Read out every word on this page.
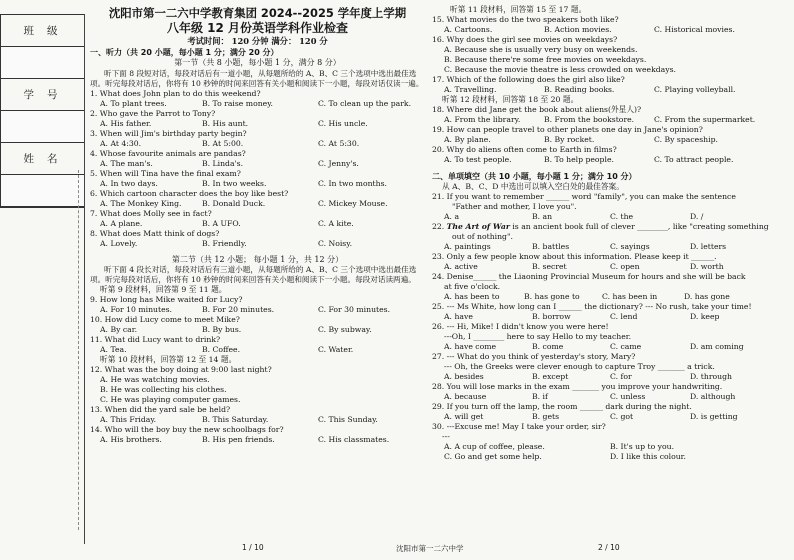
班 级
学 号
姓 名
沈阳市第一二六中学教育集团 2024--2025 学年度上学期
八年级 12 月份英语学科作业检查
考试时间： 120 分钟 满分： 120 分
一、听力（共 20 小题，每小题 1 分；满分 20 分）
第一节（共 8 小题，每小题 1 分，满分 8 分）
听下面 8 段短对话，每段对话后有一道小题，从每题所给的 A、B、C 三个选项中选出最佳选项。听完每段对话后，你将有 10 秒钟的时间来回答有关小题和阅读下一小题，每段对话仅读一遍。
1. What does John plan to do this weekend?
A. To plant trees.	B. To raise money.	C. To clean up the park.
2. Who gave the Parrot to Tony?
A. His father.	B. His aunt.	C. His uncle.
3. When will Jim's birthday party begin?
A. At 4:30.	B. At 5:00.	C. At 5:30.
4. Whose favourite animals are pandas?
A. The man's.	B. Linda's.	C. Jenny's.
5. When will Tina have the final exam?
A. In two days.	B. In two weeks.	C. In two months.
6. Which cartoon character does the boy like best?
A. The Monkey King.	B. Donald Duck.	C. Mickey Mouse.
7. What does Molly see in fact?
A. A plane.	B. A UFO.	C. A kite.
8. What does Matt think of dogs?
A. Lovely.	B. Friendly.	C. Noisy.
第二节（共 12 小题； 每小题 1 分，共 12 分）
听下面 4 段长对话，每段对话后有三道小题，从每题所给的 A、B、C 三个选项中选出最佳选项。听完每段对话后，你将有 10 秒钟的时间来回答有关小题和阅读下一小题。每段对话读两遍。
听第 9 段材料，回答第 9 至 11 题。
9. How long has Mike waited for Lucy?
A. For 10 minutes.	B. For 20 minutes.	C. For 30 minutes.
10. How did Lucy come to meet Mike?
A. By car.	B. By bus.	C. By subway.
11. What did Lucy want to drink?
A. Tea.	B. Coffee.	C. Water.
听第 10 段材料，回答第 12 至 14 题。
12. What was the boy doing at 9:00 last night?
A. He was watching movies.
B. He was collecting his clothes.
C. He was playing computer games.
13. When did the yard sale be held?
A. This Friday.	B. This Saturday.	C. This Sunday.
14. Who will the boy buy the new schoolbags for?
A. His brothers.	B. His pen friends.	C. His classmates.
听第 11 段材料，回答第 15 至 17 题。
15. What movies do the two speakers both like?
A. Cartoons.	B. Action movies.	C. Historical movies.
16. Why does the girl see movies on weekdays?
A. Because she is usually very busy on weekends.
B. Because there're some free movies on weekdays.
C. Because the movie theatre is less crowded on weekdays.
17. Which of the following does the girl also like?
A. Travelling.	B. Reading books.	C. Playing volleyball.
听第 12 段材料，回答第 18 至 20 题。
18. Where did Jane get the book about aliens(外星人)?
A. From the library.	B. From the bookstore.	C. From the supermarket.
19. How can people travel to other planets one day in Jane's opinion?
A. By plane.	B. By rocket.	C. By spaceship.
20. Why do aliens often come to Earth in films?
A. To test people.	B. To help people.	C. To attract people.
二、单项填空（共 10 小题，每小题 1 分；满分 10 分）
从 A、B、C、D 中选出可以填入空白处的最佳答案。
21. If you want to remember ______ word "family", you can make the sentence
"Father and mother, I love you".
A. a	B. an	C. the	D. /
22. The Art of War is an ancient book full of clever ________, like "creating something
out of nothing".
A. paintings	B. battles	C. sayings	D. letters
23. Only a few people know about this information. Please keep it ______.
A. active	B. secret	C. open	D. worth
24. Denise______ the Liaoning Provincial Museum for hours and she will be back
at five o'clock.
A. has been to	B. has gone to	C. has been in	D. has gone
25. --- Ms White, how long can I ______ the dictionary? --- No rush, take your time!
A. have	B. borrow	C. lend	D. keep
26. --- Hi, Mike! I didn't know you were here!
---Oh, I ________ here to say Hello to my teacher.
A. have come	B. come	C. came	D. am coming
27. --- What do you think of yesterday's story, Mary?
--- Oh, the Greeks were clever enough to capture Troy _______ a trick.
A. besides	B. except	C. for	D. through
28. You will lose marks in the exam _______ you improve your handwriting.
A. because	B. if	C. unless	D. although
29. If you turn off the lamp, the room ______ dark during the night.
A. will get	B. gets	C. got	D. is getting
30. ---Excuse me! May I take your order, sir?
---
A. A cup of coffee, please.	B. It's up to you.
C. Go and get some help.	D. I like this colour.
1 / 10	沈阳市第一二六中学	2 / 10
